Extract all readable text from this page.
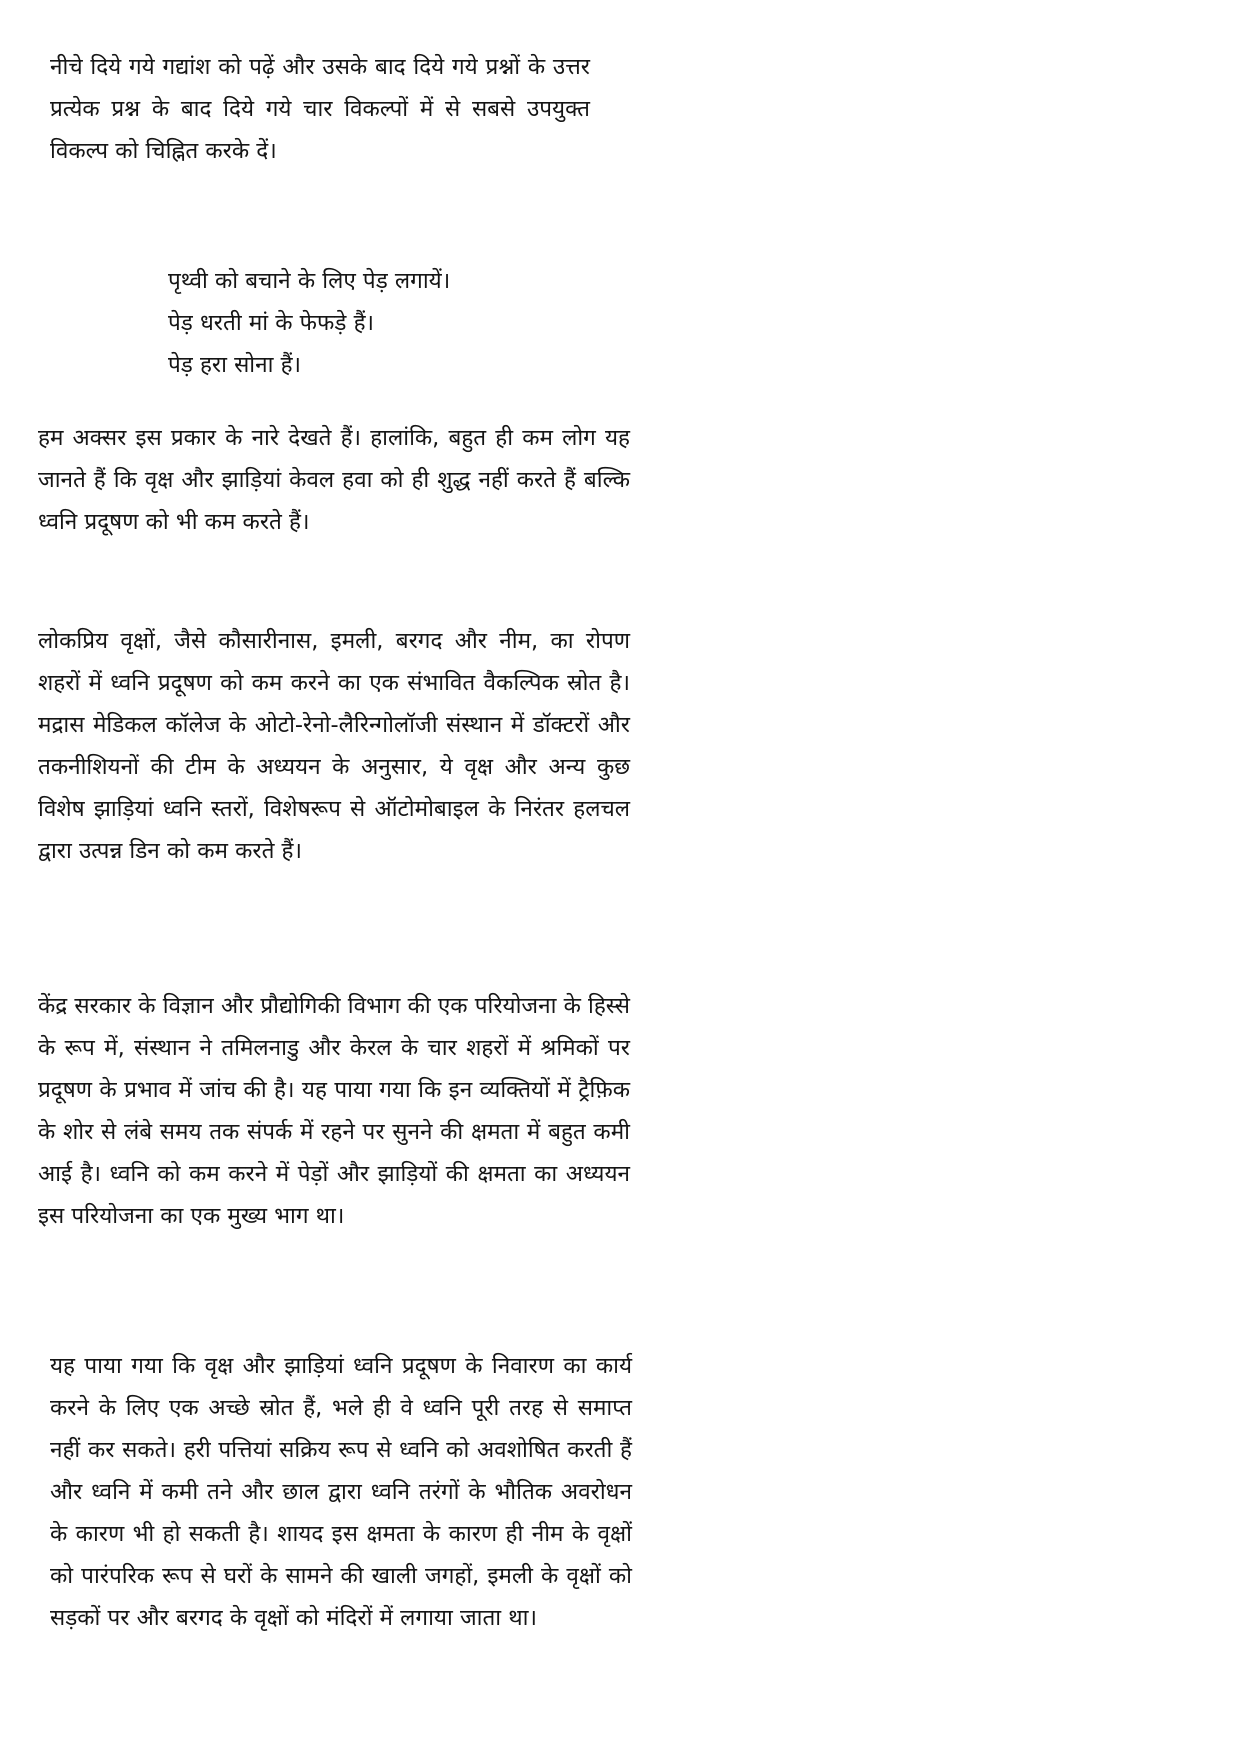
नीचे दिये गये गद्यांश को पढ़ें और उसके बाद दिये गये प्रश्नों के उत्तर प्रत्येक प्रश्न के बाद दिये गये चार विकल्पों में से सबसे उपयुक्त विकल्प को चिह्नित करके दें।

पृथ्वी को बचाने के लिए पेड़ लगायें।
पेड़ धरती मां के फेफड़े हैं।
पेड़ हरा सोना हैं।

हम अक्सर इस प्रकार के नारे देखते हैं। हालांकि, बहुत ही कम लोग यह जानते हैं कि वृक्ष और झाड़ियां केवल हवा को ही शुद्ध नहीं करते हैं बल्कि ध्वनि प्रदूषण को भी कम करते हैं।

लोकप्रिय वृक्षों, जैसे कौसारीनास, इमली, बरगद और नीम, का रोपण शहरों में ध्वनि प्रदूषण को कम करने का एक संभावित वैकल्पिक स्रोत है। मद्रास मेडिकल कॉलेज के ओटो-रेनो-लैरिन्गोलॉजी संस्थान में डॉक्टरों और तकनीशियनों की टीम के अध्ययन के अनुसार, ये वृक्ष और अन्य कुछ विशेष झाड़ियां ध्वनि स्तरों, विशेषरूप से ऑटोमोबाइल के निरंतर हलचल द्वारा उत्पन्न डिन को कम करते हैं।

केंद्र सरकार के विज्ञान और प्रौद्योगिकी विभाग की एक परियोजना के हिस्से के रूप में, संस्थान ने तमिलनाडु और केरल के चार शहरों में श्रमिकों पर प्रदूषण के प्रभाव में जांच की है। यह पाया गया कि इन व्यक्तियों में ट्रैफ़िक के शोर से लंबे समय तक संपर्क में रहने पर सुनने की क्षमता में बहुत कमी आई है। ध्वनि को कम करने में पेड़ों और झाड़ियों की क्षमता का अध्ययन इस परियोजना का एक मुख्य भाग था।

यह पाया गया कि वृक्ष और झाड़ियां ध्वनि प्रदूषण के निवारण का कार्य करने के लिए एक अच्छे स्रोत हैं, भले ही वे ध्वनि पूरी तरह से समाप्त नहीं कर सकते। हरी पत्तियां सक्रिय रूप से ध्वनि को अवशोषित करती हैं और ध्वनि में कमी तने और छाल द्वारा ध्वनि तरंगों के भौतिक अवरोधन के कारण भी हो सकती है। शायद इस क्षमता के कारण ही नीम के वृक्षों को पारंपरिक रूप से घरों के सामने की खाली जगहों, इमली के वृक्षों को सड़कों पर और बरगद के वृक्षों को मंदिरों में लगाया जाता था।
